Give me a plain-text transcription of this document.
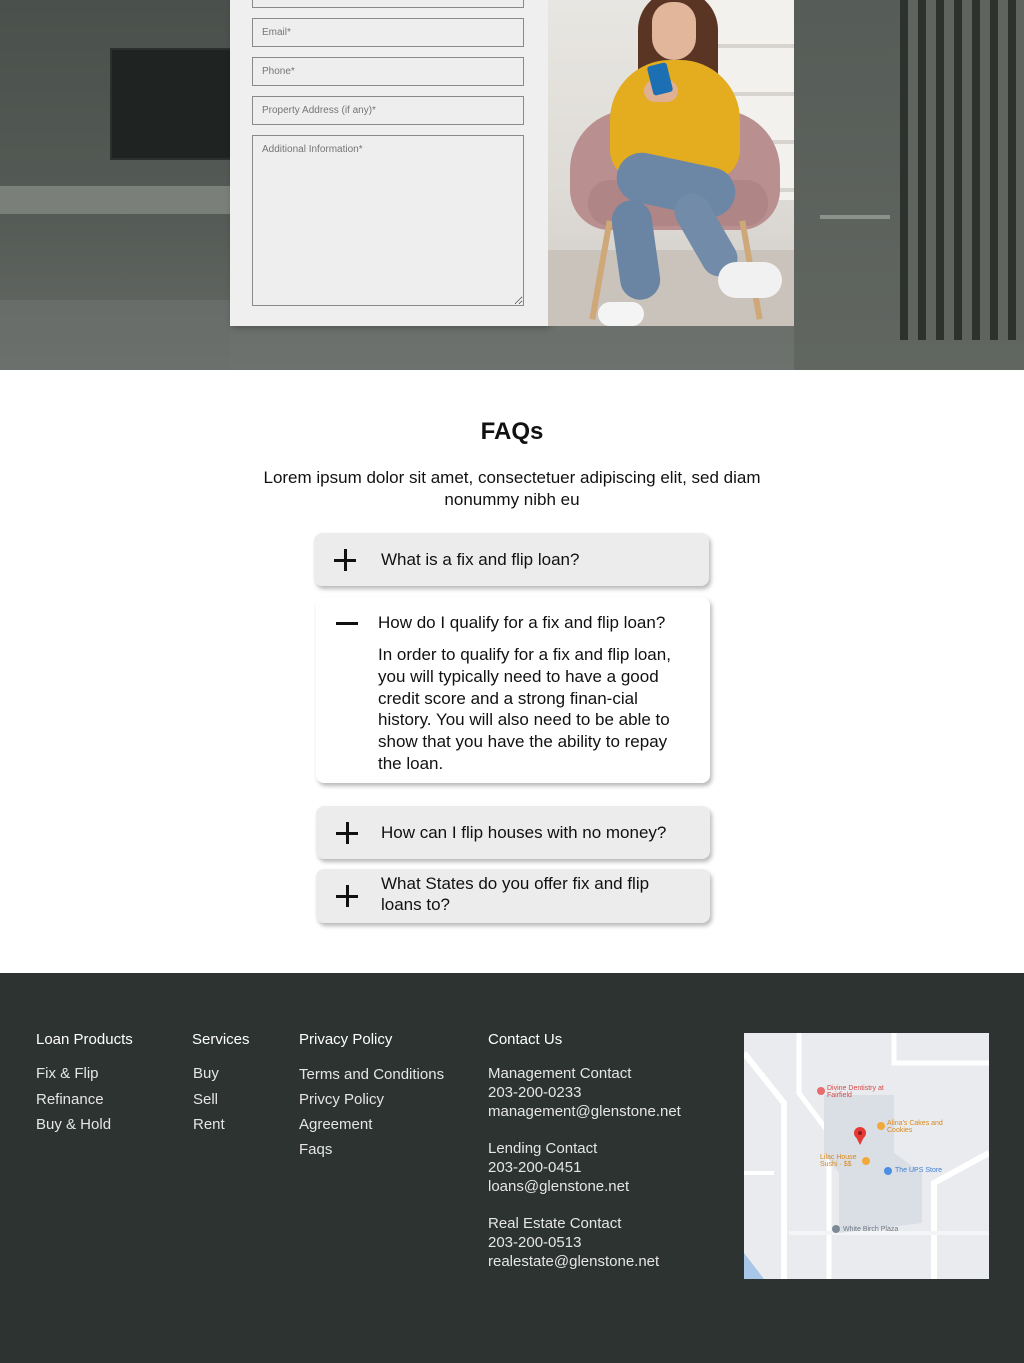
Email*
Phone*
Property Address (if any)*
Additional Information*
FAQs

Lorem ipsum dolor sit amet, consectetuer adipiscing elit, sed diam nonummy nibh eu

What is a fix and flip loan?
How do I qualify for a fix and flip loan?

In order to qualify for a fix and flip loan, you will typically need to have a good credit score and a strong finan-cial history. You will also need to be able to show that you have the ability to repay the loan.

How can I flip houses with no money?
What States do you offer fix and flip loans to?
Loan Products
Fix & Flip
Refinance
Buy & Hold
Services
Buy
Sell
Rent
Privacy Policy
Terms and Conditions
Privcy Policy
Agreement
Faqs
Contact Us
Management Contact
203-200-0233
management@glenstone.net
Lending Contact
203-200-0451
loans@glenstone.net
Real Estate Contact
203-200-0513
realestate@glenstone.net
Divine Dentistry at Fairfield
Alina's Cakes and Cookies
Lilac House Sushi · $$
The UPS Store
White Birch Plaza
